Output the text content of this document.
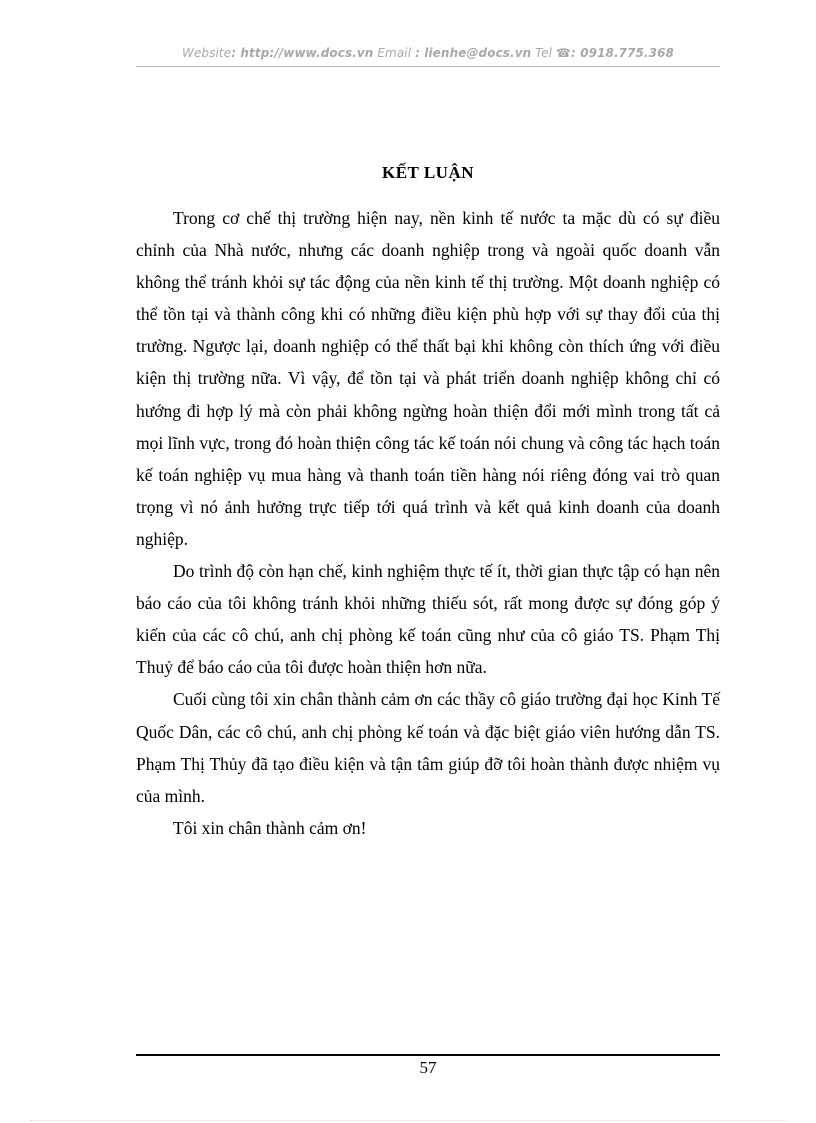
Website: http://www.docs.vn Email : lienhe@docs.vn Tel ☎: 0918.775.368
KẾT LUẬN

Trong cơ chế thị trường hiện nay, nền kinh tế nước ta mặc dù có sự điều chỉnh của Nhà nước, nhưng các doanh nghiệp trong và ngoài quốc doanh vẫn không thể tránh khỏi sự tác động của nền kinh tế thị trường. Một doanh nghiệp có thể tồn tại và thành công khi có những điều kiện phù hợp với sự thay đổi của thị trường. Ngược lại, doanh nghiệp có thể thất bại khi không còn thích ứng với điều kiện thị trường nữa. Vì vậy, để tồn tại và phát triển doanh nghiệp không chỉ có hướng đi hợp lý mà còn phải không ngừng hoàn thiện đổi mới mình trong tất cả mọi lĩnh vực, trong đó hoàn thiện công tác kế toán nói chung và công tác hạch toán kế toán nghiệp vụ mua hàng và thanh toán tiền hàng nói riêng đóng vai trò quan trọng vì nó ảnh hưởng trực tiếp tới quá trình và kết quả kinh doanh của doanh nghiệp.

Do trình độ còn hạn chế, kinh nghiệm thực tế ít, thời gian thực tập có hạn nên báo cáo của tôi không tránh khỏi những thiếu sót, rất mong được sự đóng góp ý kiến của các cô chú, anh chị phòng kế toán cũng như của cô giáo TS. Phạm Thị Thuỷ để báo cáo của tôi được hoàn thiện hơn nữa.

Cuối cùng tôi xin chân thành cảm ơn các thầy cô giáo trường đại học Kinh Tế Quốc Dân, các cô chú, anh chị phòng kế toán và đặc biệt giáo viên hướng dẫn TS. Phạm Thị Thủy đã tạo điều kiện và tận tâm giúp đỡ tôi hoàn thành được nhiệm vụ của mình.

Tôi xin chân thành cảm ơn!

57
